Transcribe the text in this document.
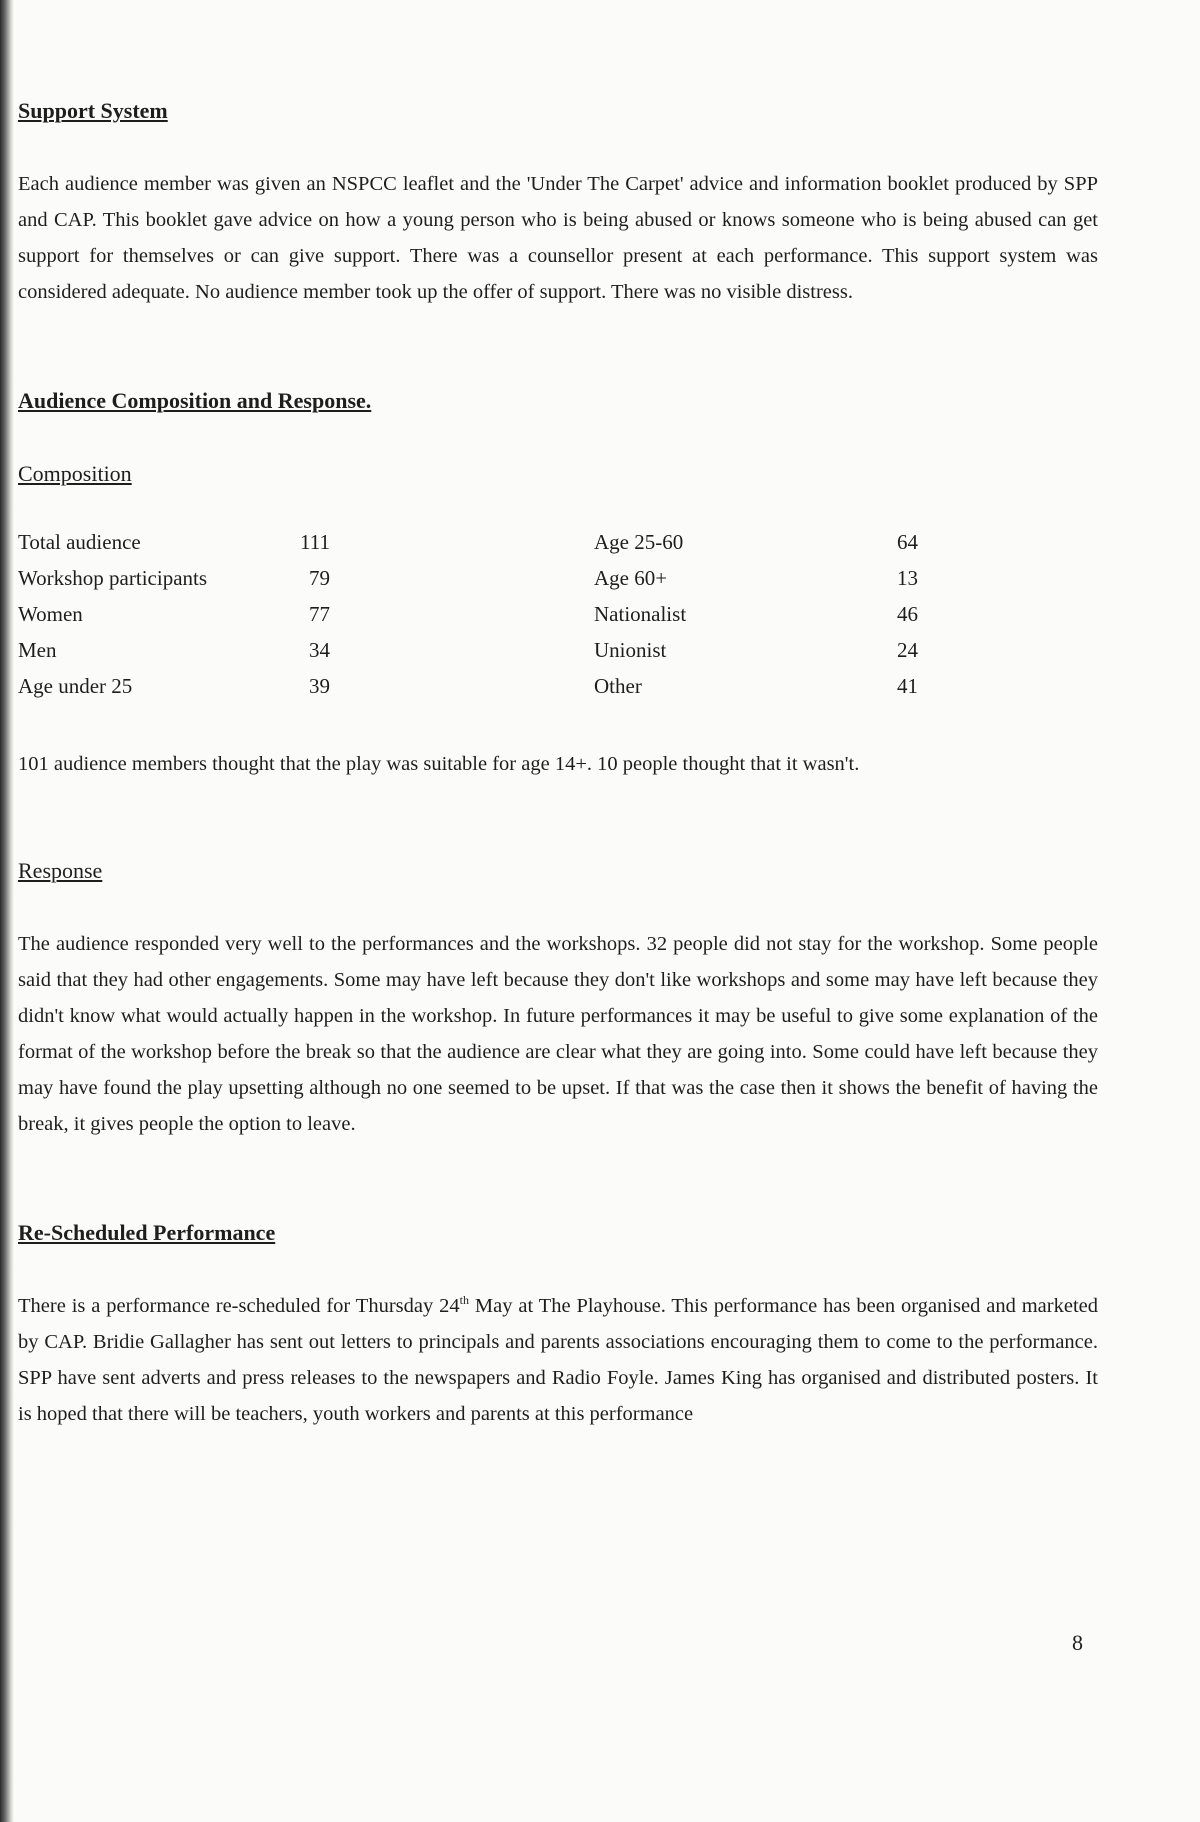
Support System

Each audience member was given an NSPCC leaflet and the 'Under The Carpet' advice and information booklet produced by SPP and CAP. This booklet gave advice on how a young person who is being abused or knows someone who is being abused can get support for themselves or can give support. There was a counsellor present at each performance. This support system was considered adequate. No audience member took up the offer of support. There was no visible distress.

Audience Composition and Response.
Composition
Total audience	111	Age 25-60	64
Workshop participants	79	Age 60+	13
Women	77	Nationalist	46
Men	34	Unionist	24
Age under 25	39	Other	41

101 audience members thought that the play was suitable for age 14+. 10 people thought that it wasn't.

Response

The audience responded very well to the performances and the workshops. 32 people did not stay for the workshop. Some people said that they had other engagements. Some may have left because they don't like workshops and some may have left because they didn't know what would actually happen in the workshop. In future performances it may be useful to give some explanation of the format of the workshop before the break so that the audience are clear what they are going into. Some could have left because they may have found the play upsetting although no one seemed to be upset. If that was the case then it shows the benefit of having the break, it gives people the option to leave.

Re-Scheduled Performance

There is a performance re-scheduled for Thursday 24th May at The Playhouse. This performance has been organised and marketed by CAP. Bridie Gallagher has sent out letters to principals and parents associations encouraging them to come to the performance. SPP have sent adverts and press releases to the newspapers and Radio Foyle. James King has organised and distributed posters. It is hoped that there will be teachers, youth workers and parents at this performance

8
